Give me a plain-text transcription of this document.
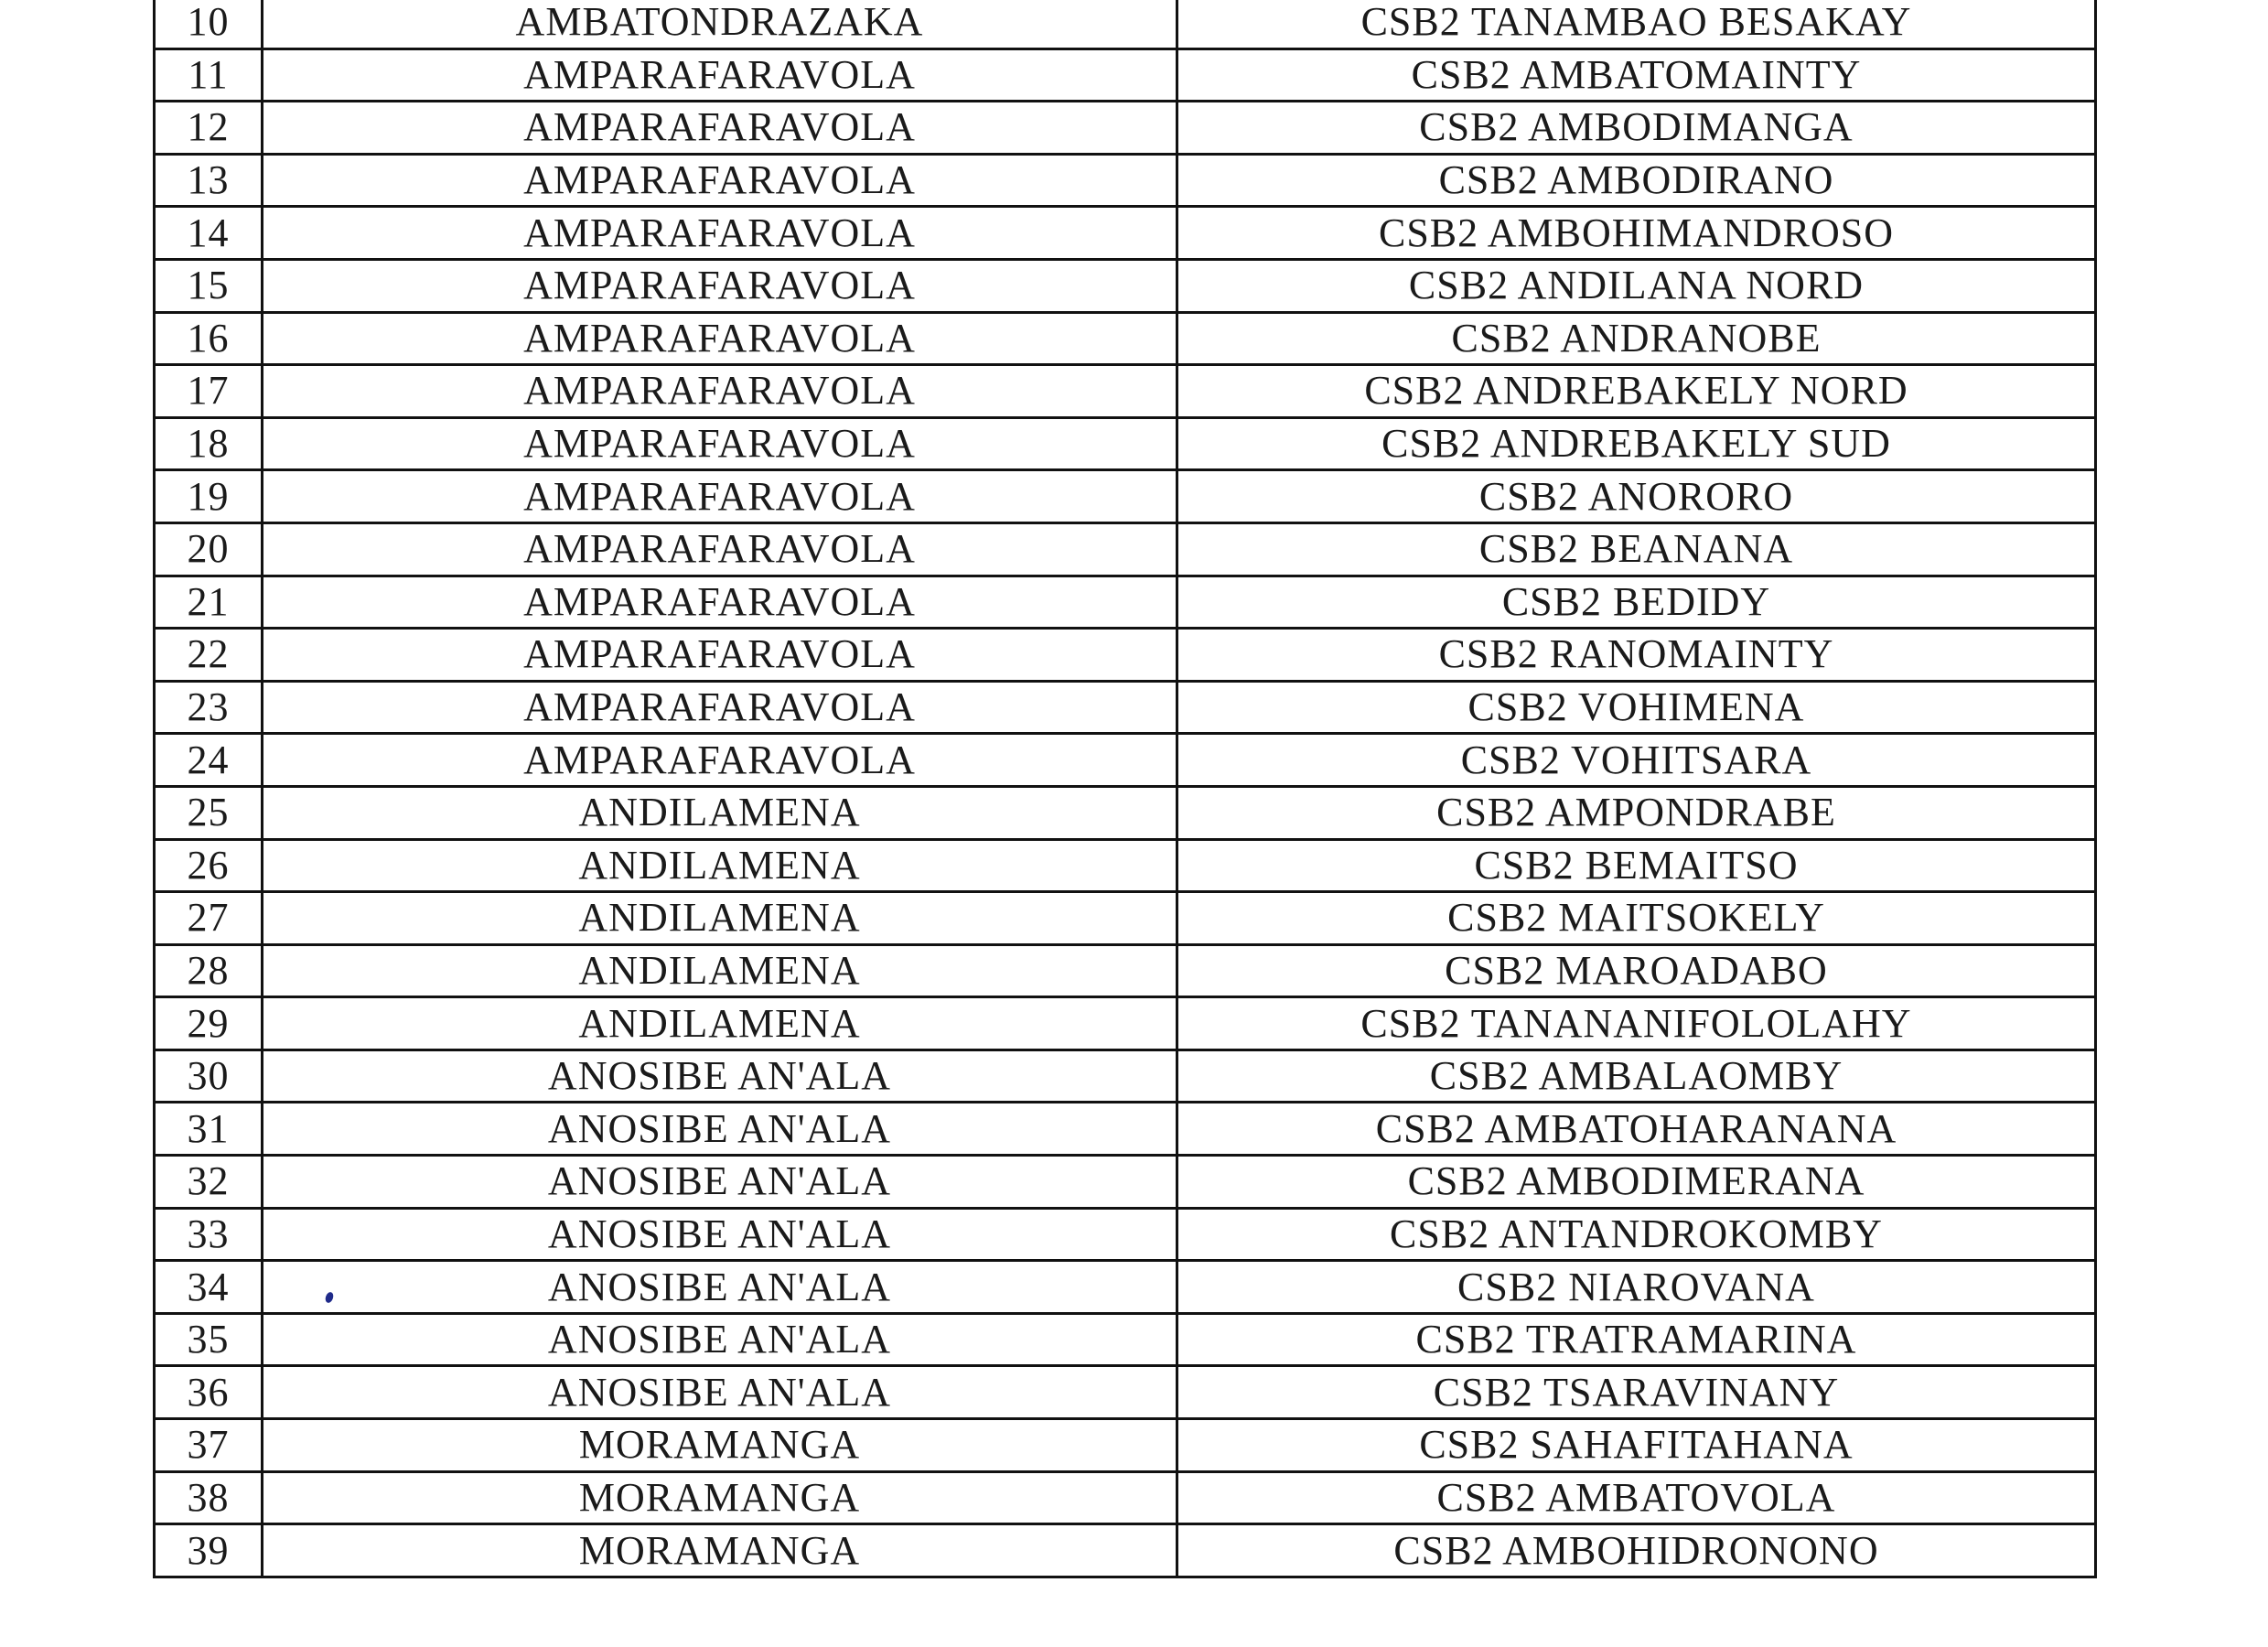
10	AMBATONDRAZAKA	CSB2 TANAMBAO BESAKAY
11	AMPARAFARAVOLA	CSB2 AMBATOMAINTY
12	AMPARAFARAVOLA	CSB2 AMBODIMANGA
13	AMPARAFARAVOLA	CSB2 AMBODIRANO
14	AMPARAFARAVOLA	CSB2 AMBOHIMANDROSO
15	AMPARAFARAVOLA	CSB2 ANDILANA NORD
16	AMPARAFARAVOLA	CSB2 ANDRANOBE
17	AMPARAFARAVOLA	CSB2 ANDREBAKELY NORD
18	AMPARAFARAVOLA	CSB2 ANDREBAKELY SUD
19	AMPARAFARAVOLA	CSB2 ANORORO
20	AMPARAFARAVOLA	CSB2 BEANANA
21	AMPARAFARAVOLA	CSB2 BEDIDY
22	AMPARAFARAVOLA	CSB2 RANOMAINTY
23	AMPARAFARAVOLA	CSB2 VOHIMENA
24	AMPARAFARAVOLA	CSB2 VOHITSARA
25	ANDILAMENA	CSB2 AMPONDRABE
26	ANDILAMENA	CSB2 BEMAITSO
27	ANDILAMENA	CSB2 MAITSOKELY
28	ANDILAMENA	CSB2 MAROADABO
29	ANDILAMENA	CSB2 TANANANIFOLOLAHY
30	ANOSIBE AN'ALA	CSB2 AMBALAOMBY
31	ANOSIBE AN'ALA	CSB2 AMBATOHARANANA
32	ANOSIBE AN'ALA	CSB2 AMBODIMERANA
33	ANOSIBE AN'ALA	CSB2 ANTANDROKOMBY
34	ANOSIBE AN'ALA	CSB2 NIAROVANA
35	ANOSIBE AN'ALA	CSB2 TRATRAMARINA
36	ANOSIBE AN'ALA	CSB2 TSARAVINANY
37	MORAMANGA	CSB2 SAHAFITAHANA
38	MORAMANGA	CSB2 AMBATOVOLA
39	MORAMANGA	CSB2 AMBOHIDRONONO
